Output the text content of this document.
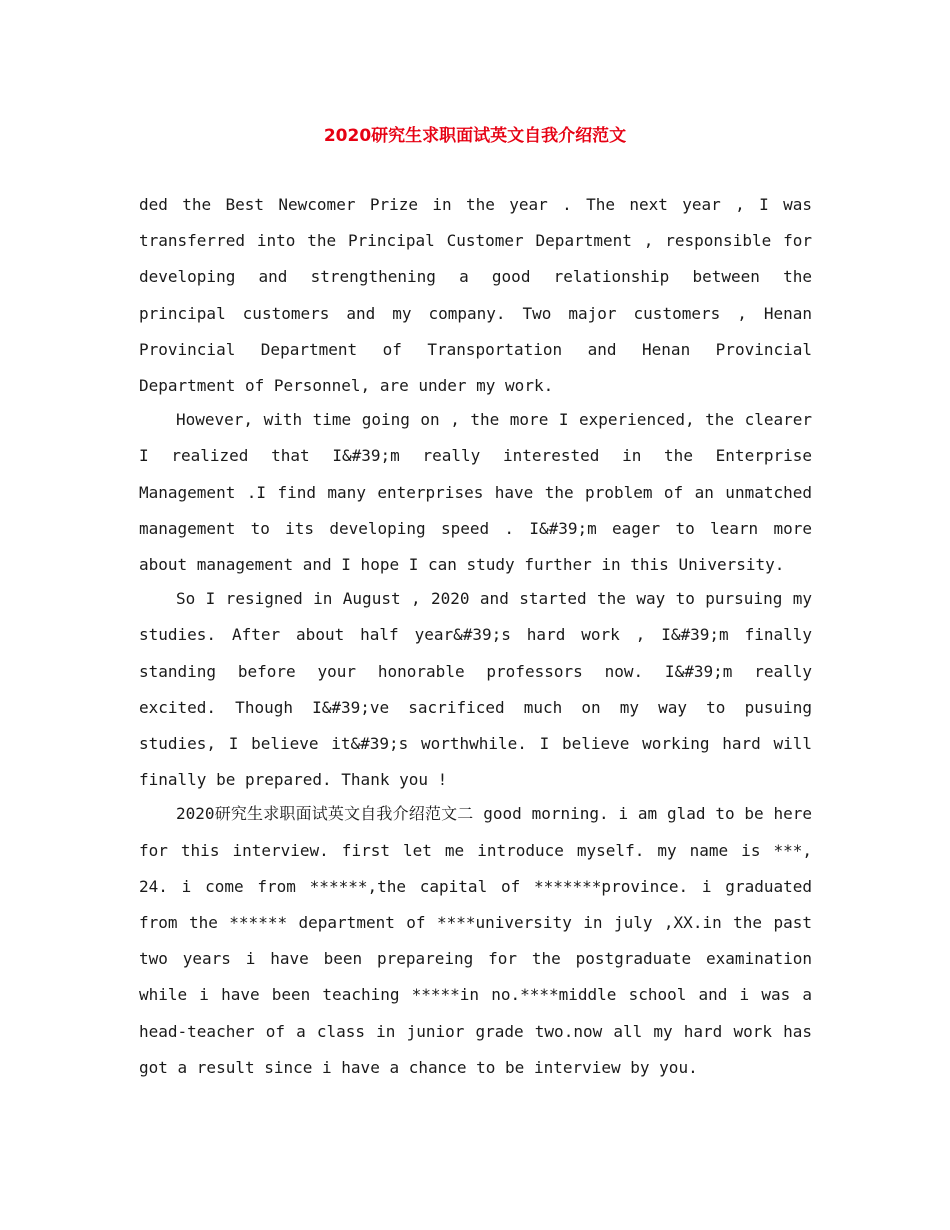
2020研究生求职面试英文自我介绍范文

ded the Best Newcomer Prize in the year . The next year , I was transferred into the Principal Customer Department , responsible for developing and strengthening a good relationship between the principal customers and my company. Two major customers , Henan Provincial Department of Transportation and Henan Provincial Department of Personnel, are under my work.

However, with time going on , the more I experienced, the clearer I realized that I&#39;m really interested in the Enterprise Management .I find many enterprises have the problem of an unmatched management to its developing speed . I&#39;m eager to learn more about management and I hope I can study further in this University.

So I resigned in August , 2020 and started the way to pursuing my studies. After about half year&#39;s hard work , I&#39;m finally standing before your honorable professors now. I&#39;m really excited. Though I&#39;ve sacrificed much on my way to pusuing studies, I believe it&#39;s worthwhile. I believe working hard will finally be prepared. Thank you !

2020研究生求职面试英文自我介绍范文二 good morning. i am glad to be here for this interview. first let me introduce myself. my name is ***, 24. i come from ******,the capital of *******province. i graduated from the ****** department of ****university in july ,XX.in the past two years i have been prepareing for the postgraduate examination while i have been teaching *****in no.****middle school and i was a head-teacher of a class in junior grade two.now all my hard work has got a result since i have a chance to be interview by you.
